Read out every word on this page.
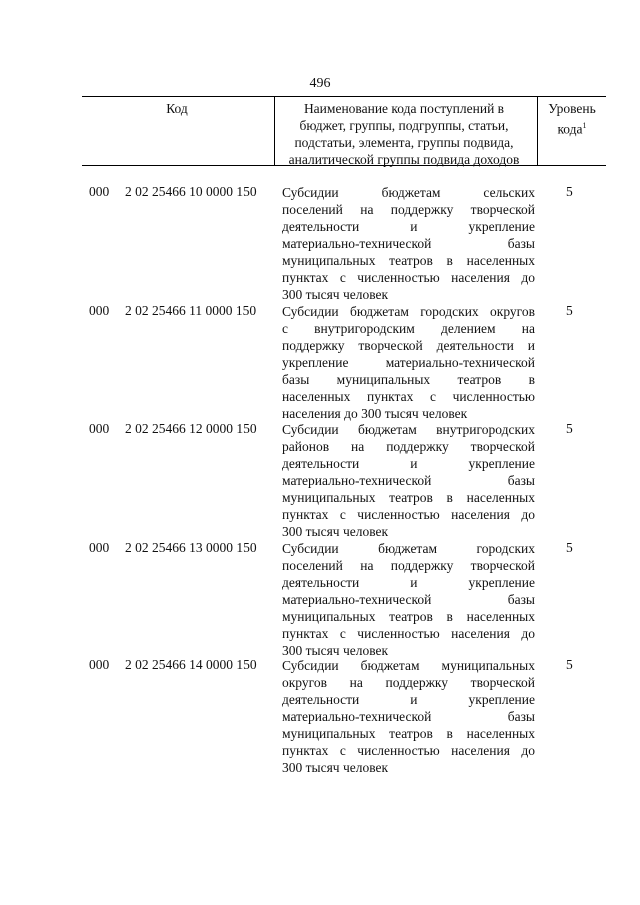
496
Код	Наименование кода поступлений в
бюджет, группы, подгруппы, статьи,
подстатьи, элемента, группы подвида,
аналитической группы подвида доходов
Уровень
кода$^1$
000 2 02 25466 10 0000 150 Субсидии бюджетам сельских
поселений на поддержку творческой
деятельности и укрепление
материально-технической базы
муниципальных театров в населенных
пунктах с численностью населения до
300 тысяч человек
5
000 2 02 25466 11 0000 150 Субсидии бюджетам городских округов
с внутригородским делением на
поддержку творческой деятельности и
укрепление материально-технической
базы муниципальных театров в
населенных пунктах с численностью
населения до 300 тысяч человек
5
000 2 02 25466 12 0000 150 Субсидии бюджетам внутригородских
районов на поддержку творческой
деятельности и укрепление
материально-технической базы
муниципальных театров в населенных
пунктах с численностью населения до
300 тысяч человек
5
000 2 02 25466 13 0000 150 Субсидии бюджетам городских
поселений на поддержку творческой
деятельности и укрепление
материально-технической базы
муниципальных театров в населенных
пунктах с численностью населения до
300 тысяч человек
5
000 2 02 25466 14 0000 150 Субсидии бюджетам муниципальных
округов на поддержку творческой
деятельности и укрепление
материально-технической базы
муниципальных театров в населенных
пунктах с численностью населения до
300 тысяч человек
5
